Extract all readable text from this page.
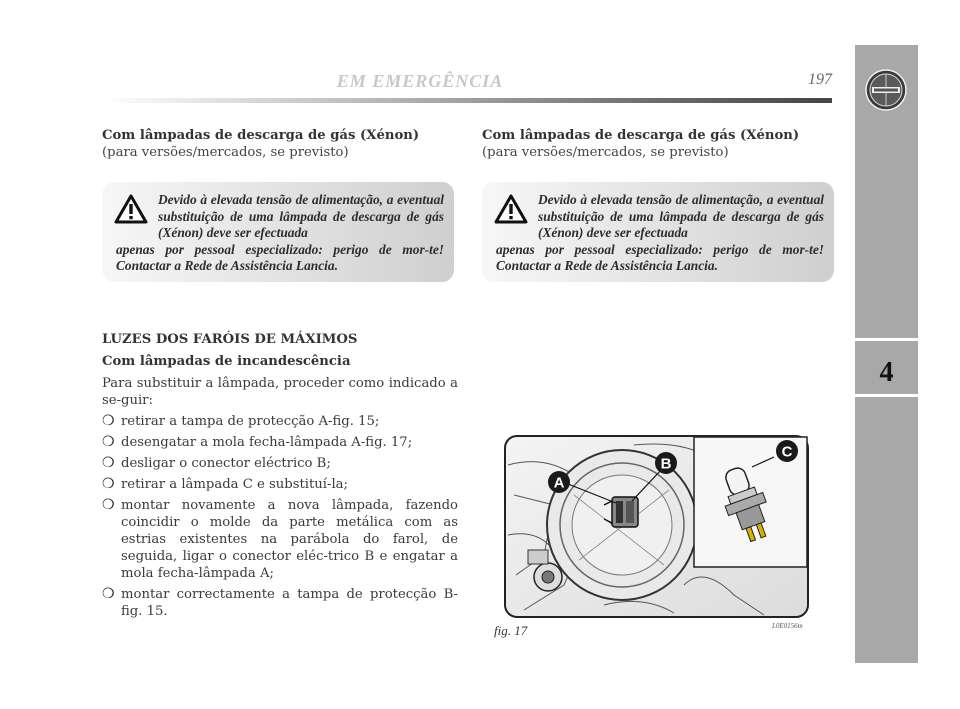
EM EMERGÊNCIA	197
4
Com lâmpadas de descarga de gás (Xénon)
(para versões/mercados, se previsto)
Devido à elevada tensão de alimentação, a eventual substituição de uma lâmpada de descarga de gás (Xénon) deve ser efectuada
apenas por pessoal especializado: perigo de mor-te! Contactar a Rede de Assistência Lancia.
LUZES DOS FARÓIS DE MÁXIMOS
Com lâmpadas de incandescência
Para substituir a lâmpada, proceder como indicado a se-guir:
❍ retirar a tampa de protecção A-fig. 15;
❍ desengatar a mola fecha-lâmpada A-fig. 17;
❍ desligar o conector eléctrico B;
❍ retirar a lâmpada C e substituí-la;
❍ montar novamente a nova lâmpada, fazendo coincidir o molde da parte metálica com as estrias existentes na parábola do farol, de seguida, ligar o conector eléc-trico B e engatar a mola fecha-lâmpada A;
❍ montar correctamente a tampa de protecção B-fig. 15.
Com lâmpadas de descarga de gás (Xénon)
(para versões/mercados, se previsto)
Devido à elevada tensão de alimentação, a eventual substituição de uma lâmpada de descarga de gás (Xénon) deve ser efectuada
apenas por pessoal especializado: perigo de mor-te! Contactar a Rede de Assistência Lancia.
A
B
C
fig. 17	L0E0156m
